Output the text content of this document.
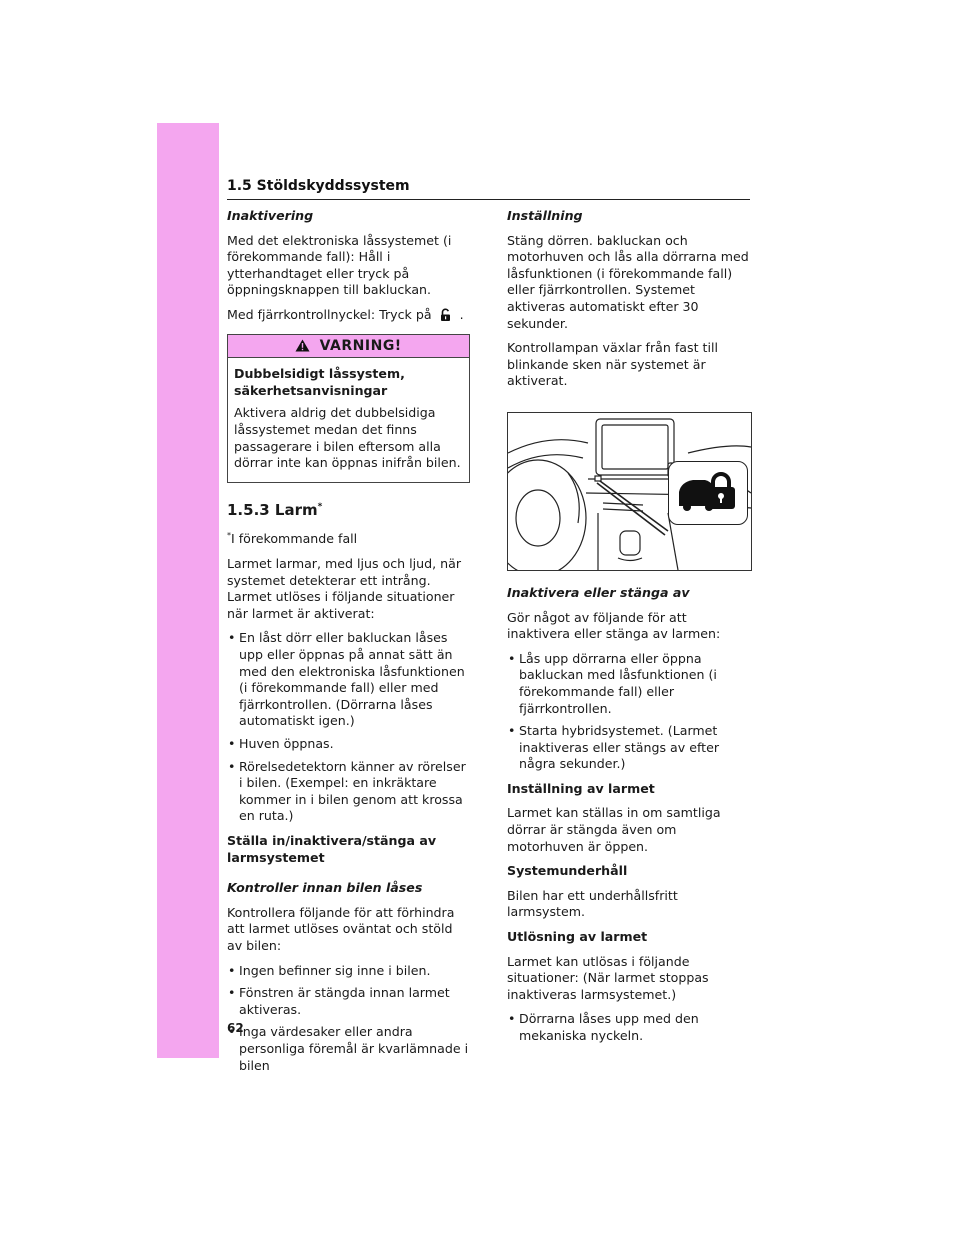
1.5 Stöldskyddssystem
Inaktivering

Med det elektroniska låssystemet (i förekommande fall): Håll i ytterhandtaget eller tryck på öppningsknappen till bakluckan.

Med fjärrkontrollnyckel: Tryck på .

VARNING!
Dubbelsidigt låssystem, säkerhetsanvisningar

Aktivera aldrig det dubbelsidiga låssystemet medan det finns passagerare i bilen eftersom alla dörrar inte kan öppnas inifrån bilen.

1.5.3 Larm*

*I förekommande fall

Larmet larmar, med ljus och ljud, när systemet detekterar ett intrång. Larmet utlöses i följande situationer när larmet är aktiverat:

• En låst dörr eller bakluckan låses upp eller öppnas på annat sätt än med den elektroniska låsfunktionen (i förekommande fall) eller med fjärrkontrollen. (Dörrarna låses automatiskt igen.)
• Huven öppnas.
• Rörelsedetektorn känner av rörelser i bilen. (Exempel: en inkräktare kommer in i bilen genom att krossa en ruta.)
Ställa in/inaktivera/stänga av larmsystemet
Kontroller innan bilen låses

Kontrollera följande för att förhindra att larmet utlöses oväntat och stöld av bilen:

• Ingen befinner sig inne i bilen.
• Fönstren är stängda innan larmet aktiveras.
• Inga värdesaker eller andra personliga föremål är kvarlämnade i bilen
Inställning

Stäng dörren. bakluckan och motorhuven och lås alla dörrarna med låsfunktionen (i förekommande fall) eller fjärrkontrollen. Systemet aktiveras automatiskt efter 30 sekunder.

Kontrollampan växlar från fast till blinkande sken när systemet är aktiverat.

Inaktivera eller stänga av

Gör något av följande för att inaktivera eller stänga av larmen:

• Lås upp dörrarna eller öppna bakluckan med låsfunktionen (i förekommande fall) eller fjärrkontrollen.
• Starta hybridsystemet. (Larmet inaktiveras eller stängs av efter några sekunder.)
Inställning av larmet

Larmet kan ställas in om samtliga dörrar är stängda även om motorhuven är öppen.

Systemunderhåll

Bilen har ett underhållsfritt larmsystem.

Utlösning av larmet

Larmet kan utlösas i följande situationer: (När larmet stoppas inaktiveras larmsystemet.)

• Dörrarna låses upp med den mekaniska nyckeln.
62
